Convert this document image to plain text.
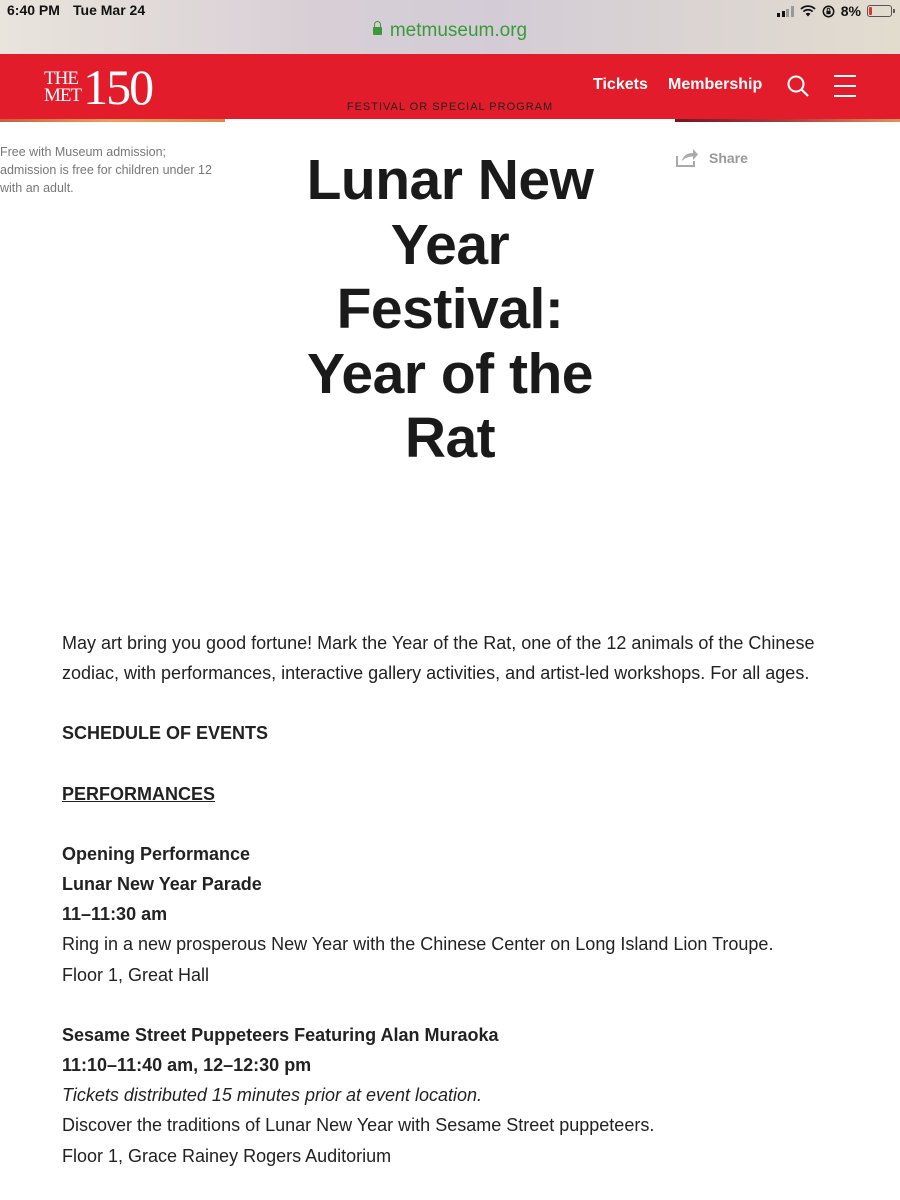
6:40 PM Tue Mar 24	8%
metmuseum.org
THE
MET 150	Tickets Membership
FESTIVAL OR SPECIAL PROGRAM
Free with Museum admission; admission is free for children under 12 with an adult.
Share
Lunar New
Year
Festival:
Year of the
Rat

May art bring you good fortune! Mark the Year of the Rat, one of the 12 animals of the Chinese zodiac, with performances, interactive gallery activities, and artist-led workshops. For all ages.

SCHEDULE OF EVENTS

PERFORMANCES

Opening Performance

Lunar New Year Parade

11–11:30 am

Ring in a new prosperous New Year with the Chinese Center on Long Island Lion Troupe.

Floor 1, Great Hall

Sesame Street Puppeteers Featuring Alan Muraoka

11:10–11:40 am, 12–12:30 pm

Tickets distributed 15 minutes prior at event location.

Discover the traditions of Lunar New Year with Sesame Street puppeteers.

Floor 1, Grace Rainey Rogers Auditorium
